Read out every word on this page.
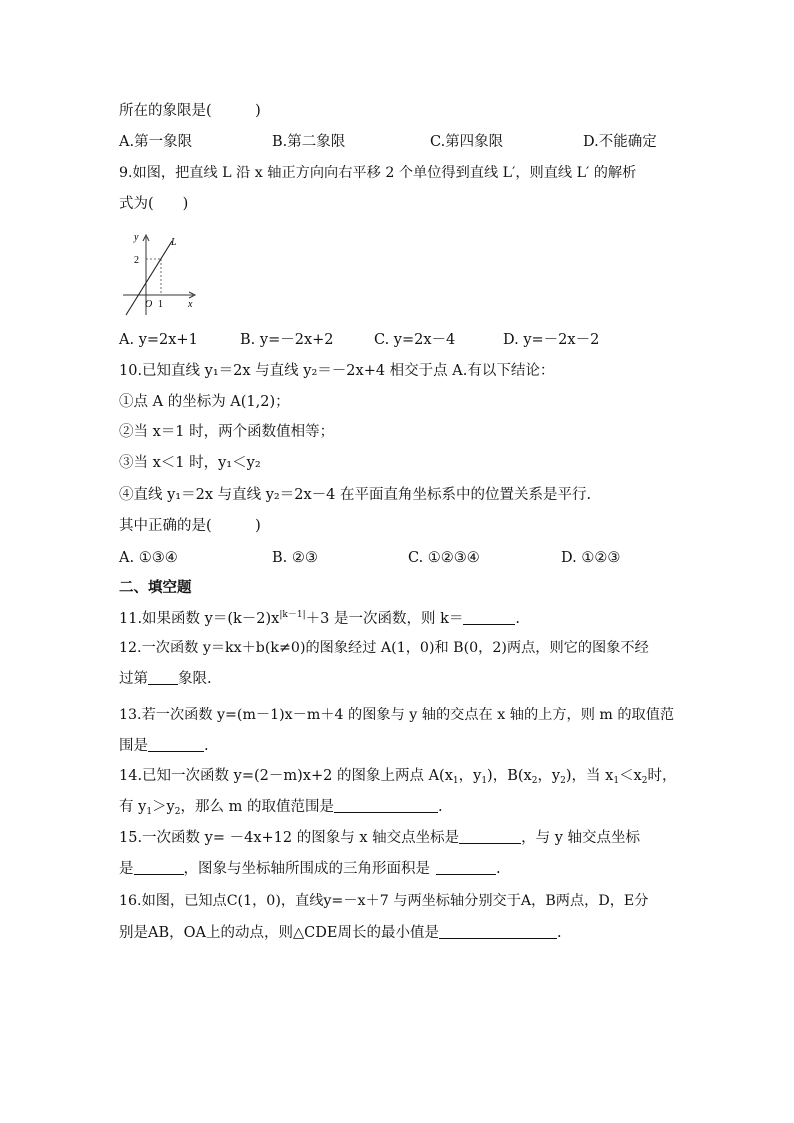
所在的象限是(　　　)
A.第一象限	B.第二象限	C.第四象限	D.不能确定
9.如图，把直线 L 沿 x 轴正方向向右平移 2 个单位得到直线 L′，则直线 L′ 的解析
式为(　　)
y
x
L
2
O 1
A. y=2x+1	B. y=－2x+2	C. y=2x－4	D. y=－2x－2
10.已知直线 y₁＝2x 与直线 y₂＝－2x+4 相交于点 A.有以下结论：
①点 A 的坐标为 A(1,2)；
②当 x＝1 时，两个函数值相等；
③当 x＜1 时，y₁＜y₂
④直线 y₁＝2x 与直线 y₂＝2x－4 在平面直角坐标系中的位置关系是平行.
其中正确的是(　　　)
A. ①③④	B. ②③	C. ①②③④	D. ①②③
二、填空题
11.如果函数 $y=(k-2)x^{|k-1|}+3$ 是一次函数，则 k＝	.
12.一次函数 y＝kx＋b(k≠0)的图象经过 A(1，0)和 B(0，2)两点，则它的图象不经
过第 象限.
13.若一次函数 y=(m－1)x－m＋4 的图象与 y 轴的交点在 x 轴的上方，则 m 的取值范
围是	.
14.已知一次函数 y=(2－m)x+2 的图象上两点 $A(x_1$，$y_1$)，$B(x_2$，$y_2$)，当 $x_1<x_2$时，
有 $y_1>y_2$，那么 m 的取值范围是	.
15.一次函数 y= －4x+12 的图象与 x 轴交点坐标是	，与 y 轴交点坐标
是	，图象与坐标轴所围成的三角形面积是	.
16.如图，已知点C(1，0)，直线y=－x＋7 与两坐标轴分别交于A，B两点，D，E分
别是AB，OA上的动点，则△CDE周长的最小值是	.
